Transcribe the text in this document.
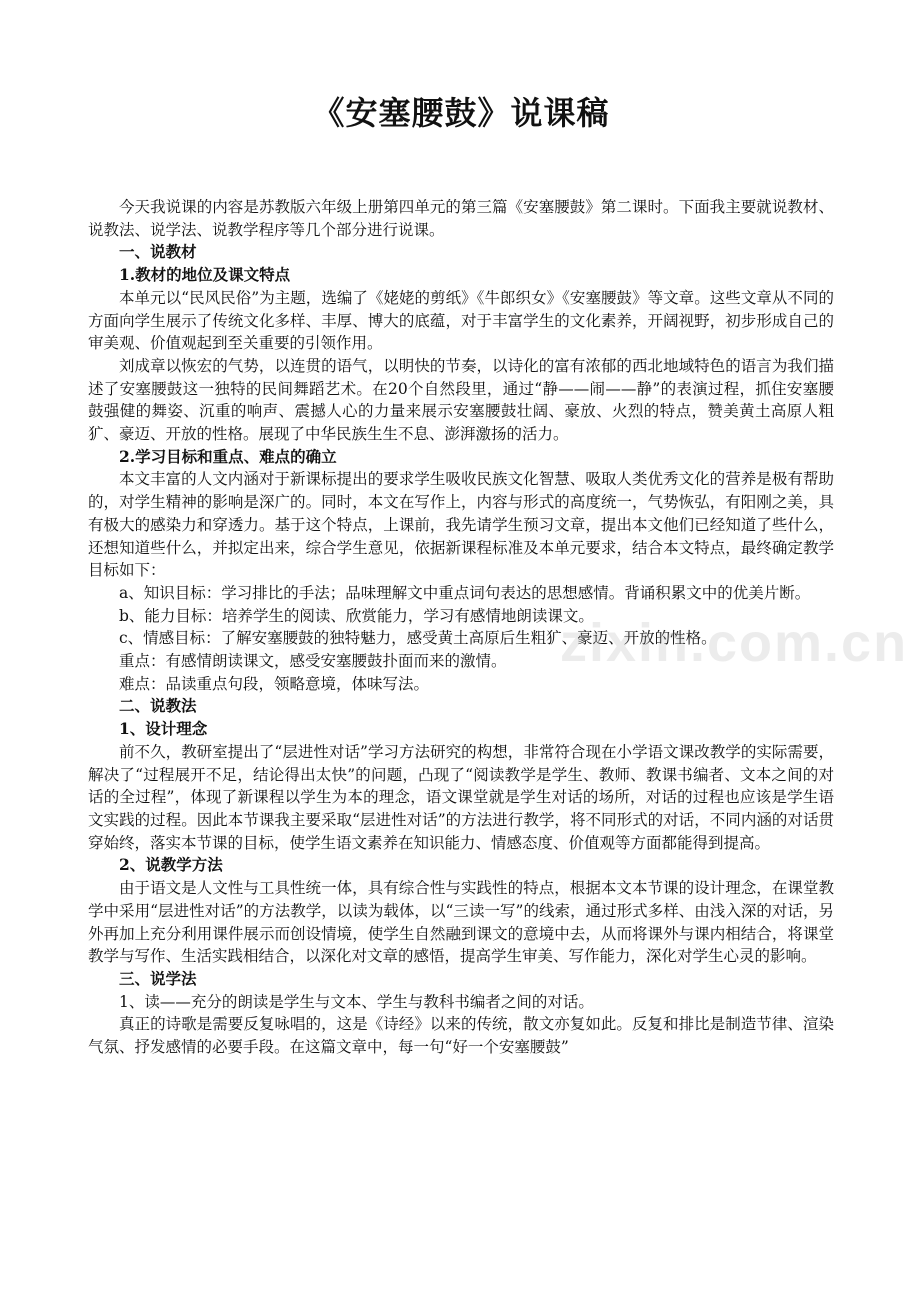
《安塞腰鼓》说课稿

今天我说课的内容是苏教版六年级上册第四单元的第三篇《安塞腰鼓》第二课时。下面我主要就说教材、说教法、说学法、说教学程序等几个部分进行说课。

一、说教材

1.教材的地位及课文特点

本单元以“民风民俗”为主题，选编了《姥姥的剪纸》《牛郎织女》《安塞腰鼓》等文章。这些文章从不同的方面向学生展示了传统文化多样、丰厚、博大的底蕴，对于丰富学生的文化素养，开阔视野，初步形成自己的审美观、价值观起到至关重要的引领作用。

刘成章以恢宏的气势，以连贯的语气，以明快的节奏，以诗化的富有浓郁的西北地域特色的语言为我们描述了安塞腰鼓这一独特的民间舞蹈艺术。在20个自然段里，通过“静——闹——静”的表演过程，抓住安塞腰鼓强健的舞姿、沉重的响声、震撼人心的力量来展示安塞腰鼓壮阔、豪放、火烈的特点，赞美黄土高原人粗犷、豪迈、开放的性格。展现了中华民族生生不息、澎湃激扬的活力。

2.学习目标和重点、难点的确立

本文丰富的人文内涵对于新课标提出的要求学生吸收民族文化智慧、吸取人类优秀文化的营养是极有帮助的，对学生精神的影响是深广的。同时，本文在写作上，内容与形式的高度统一，气势恢弘，有阳刚之美，具有极大的感染力和穿透力。基于这个特点，上课前，我先请学生预习文章，提出本文他们已经知道了些什么，还想知道些什么，并拟定出来，综合学生意见，依据新课程标准及本单元要求，结合本文特点，最终确定教学目标如下：

a、知识目标：学习排比的手法；品味理解文中重点词句表达的思想感情。背诵积累文中的优美片断。

b、能力目标：培养学生的阅读、欣赏能力，学习有感情地朗读课文。

c、情感目标：了解安塞腰鼓的独特魅力，感受黄土高原后生粗犷、豪迈、开放的性格。

重点：有感情朗读课文，感受安塞腰鼓扑面而来的激情。

难点：品读重点句段，领略意境，体味写法。

二、说教法

1、设计理念

前不久，教研室提出了“层进性对话”学习方法研究的构想，非常符合现在小学语文课改教学的实际需要，解决了“过程展开不足，结论得出太快”的问题，凸现了“阅读教学是学生、教师、教课书编者、文本之间的对话的全过程”，体现了新课程以学生为本的理念，语文课堂就是学生对话的场所，对话的过程也应该是学生语文实践的过程。因此本节课我主要采取“层进性对话”的方法进行教学，将不同形式的对话，不同内涵的对话贯穿始终，落实本节课的目标，使学生语文素养在知识能力、情感态度、价值观等方面都能得到提高。

2、说教学方法

由于语文是人文性与工具性统一体，具有综合性与实践性的特点，根据本文本节课的设计理念，在课堂教学中采用“层进性对话”的方法教学，以读为载体，以“三读一写”的线索，通过形式多样、由浅入深的对话，另外再加上充分利用课件展示而创设情境，使学生自然融到课文的意境中去，从而将课外与课内相结合，将课堂教学与写作、生活实践相结合，以深化对文章的感悟，提高学生审美、写作能力，深化对学生心灵的影响。

三、说学法

1、读——充分的朗读是学生与文本、学生与教科书编者之间的对话。

真正的诗歌是需要反复咏唱的，这是《诗经》以来的传统，散文亦复如此。反复和排比是制造节律、渲染气氛、抒发感情的必要手段。在这篇文章中，每一句“好一个安塞腰鼓”

zixin.com.cn
